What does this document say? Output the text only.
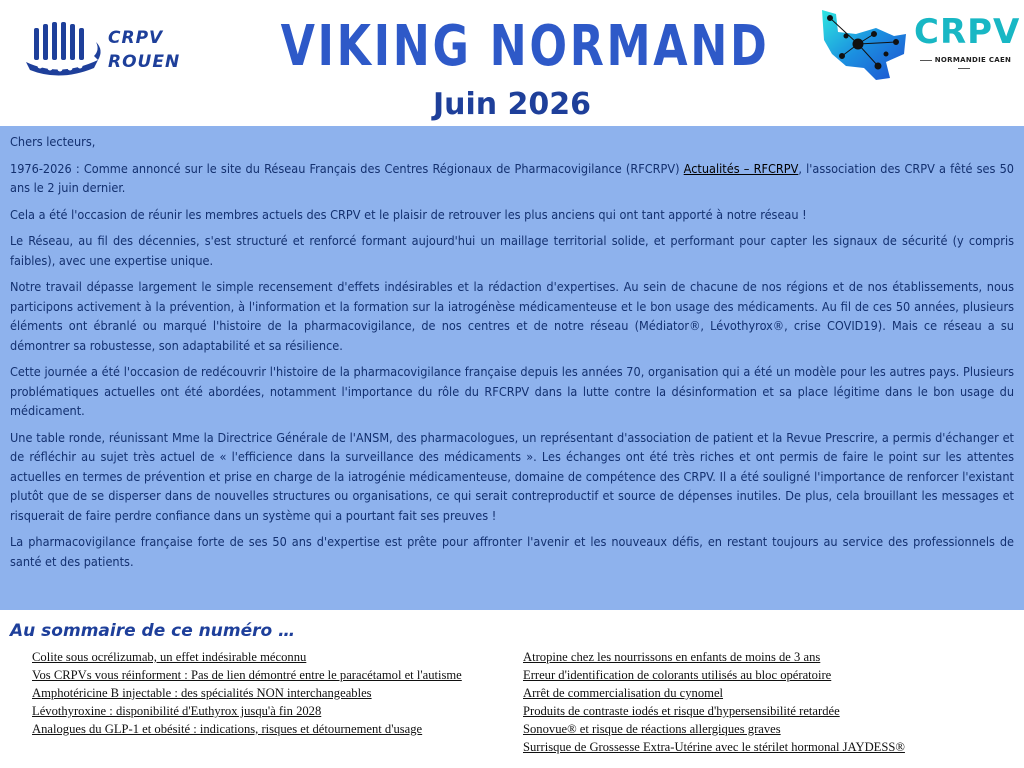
CRPV
ROUEN VIKING NORMAND
Juin 2026
CRPV
NORMANDIE CAEN

Chers lecteurs,

1976-2026 : Comme annoncé sur le site du Réseau Français des Centres Régionaux de Pharmacovigilance (RFCRPV) Actualités – RFCRPV, l'association des CRPV a fêté ses 50 ans le 2 juin dernier.

Cela a été l'occasion de réunir les membres actuels des CRPV et le plaisir de retrouver les plus anciens qui ont tant apporté à notre réseau !

Le Réseau, au fil des décennies, s'est structuré et renforcé formant aujourd'hui un maillage territorial solide, et performant pour capter les signaux de sécurité (y compris faibles), avec une expertise unique.

Notre travail dépasse largement le simple recensement d'effets indésirables et la rédaction d'expertises. Au sein de chacune de nos régions et de nos établissements, nous participons activement à la prévention, à l'information et la formation sur la iatrogénèse médicamenteuse et le bon usage des médicaments. Au fil de ces 50 années, plusieurs éléments ont ébranlé ou marqué l'histoire de la pharmacovigilance, de nos centres et de notre réseau (Médiator®, Lévothyrox®, crise COVID19). Mais ce réseau a su démontrer sa robustesse, son adaptabilité et sa résilience.

Cette journée a été l'occasion de redécouvrir l'histoire de la pharmacovigilance française depuis les années 70, organisation qui a été un modèle pour les autres pays. Plusieurs problématiques actuelles ont été abordées, notamment l'importance du rôle du RFCRPV dans la lutte contre la désinformation et sa place légitime dans le bon usage du médicament.

Une table ronde, réunissant Mme la Directrice Générale de l'ANSM, des pharmacologues, un représentant d'association de patient et la Revue Prescrire, a permis d'échanger et de réfléchir au sujet très actuel de « l'efficience dans la surveillance des médicaments ». Les échanges ont été très riches et ont permis de faire le point sur les attentes actuelles en termes de prévention et prise en charge de la iatrogénie médicamenteuse, domaine de compétence des CRPV. Il a été souligné l'importance de renforcer l'existant plutôt que de se disperser dans de nouvelles structures ou organisations, ce qui serait contreproductif et source de dépenses inutiles. De plus, cela brouillant les messages et risquerait de faire perdre confiance dans un système qui a pourtant fait ses preuves !

La pharmacovigilance française forte de ses 50 ans d'expertise est prête pour affronter l'avenir et les nouveaux défis, en restant toujours au service des professionnels de santé et des patients.

Au sommaire de ce numéro …
Colite sous ocrélizumab, un effet indésirable méconnu
Vos CRPVs vous réinforment : Pas de lien démontré entre le paracétamol et l'autisme
Amphotéricine B injectable : des spécialités NON interchangeables
Lévothyroxine : disponibilité d'Euthyrox jusqu'à fin 2028
Analogues du GLP-1 et obésité : indications, risques et détournement d'usage
Atropine chez les nourrissons en enfants de moins de 3 ans
Erreur d'identification de colorants utilisés au bloc opératoire
Arrêt de commercialisation du cynomel
Produits de contraste iodés et risque d'hypersensibilité retardée
Sonovue® et risque de réactions allergiques graves
Surrisque de Grossesse Extra-Utérine avec le stérilet hormonal JAYDESS®
